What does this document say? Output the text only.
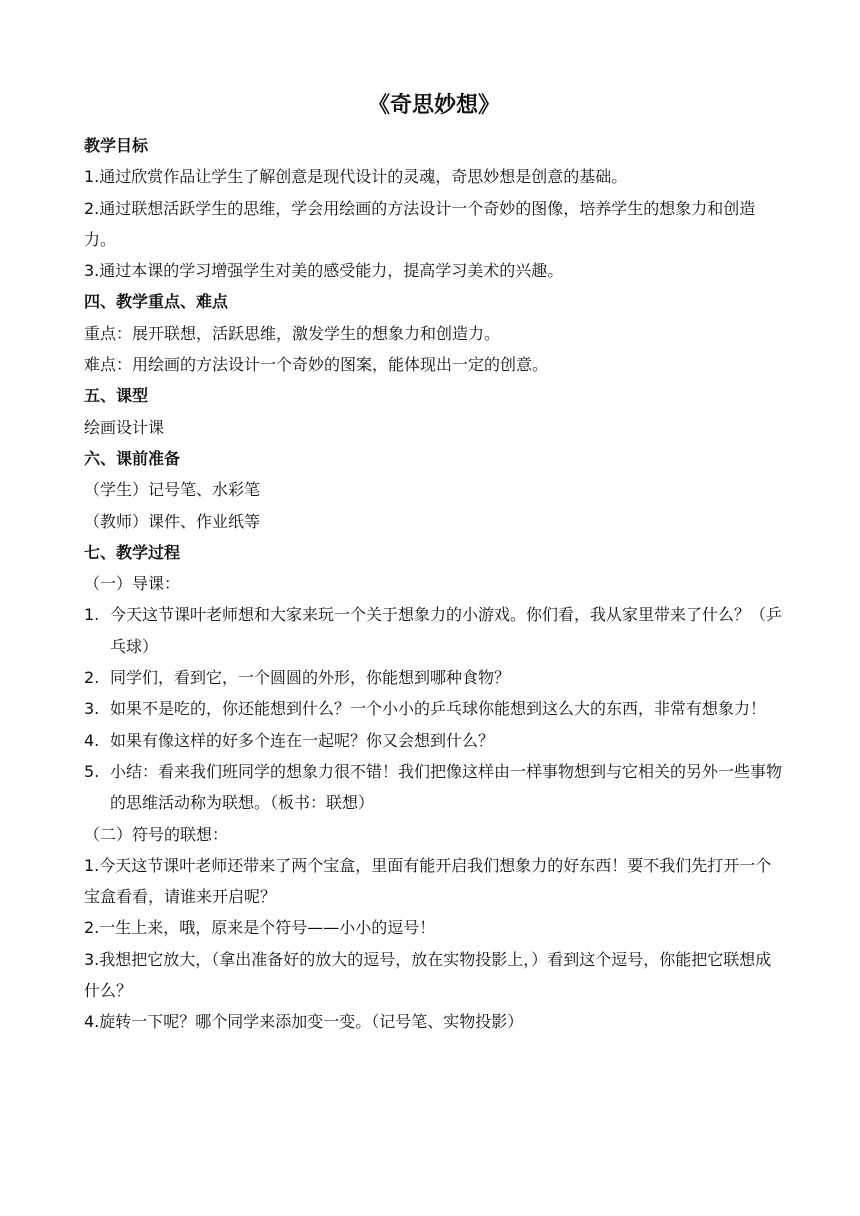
《奇思妙想》
教学目标
1.通过欣赏作品让学生了解创意是现代设计的灵魂，奇思妙想是创意的基础。
2.通过联想活跃学生的思维，学会用绘画的方法设计一个奇妙的图像，培养学生的想象力和创造力。
3.通过本课的学习增强学生对美的感受能力，提高学习美术的兴趣。
四、教学重点、难点
重点：展开联想，活跃思维，激发学生的想象力和创造力。
难点：用绘画的方法设计一个奇妙的图案，能体现出一定的创意。
五、课型
绘画设计课
六、课前准备
（学生）记号笔、水彩笔
（教师）课件、作业纸等
七、教学过程
（一）导课：
1. 今天这节课叶老师想和大家来玩一个关于想象力的小游戏。你们看，我从家里带来了什么？（乒乓球）
2. 同学们，看到它，一个圆圆的外形，你能想到哪种食物？
3. 如果不是吃的，你还能想到什么？一个小小的乒乓球你能想到这么大的东西，非常有想象力！
4. 如果有像这样的好多个连在一起呢？你又会想到什么？
5. 小结：看来我们班同学的想象力很不错！我们把像这样由一样事物想到与它相关的另外一些事物的思维活动称为联想。（板书：联想）
（二）符号的联想：
1.今天这节课叶老师还带来了两个宝盒，里面有能开启我们想象力的好东西！要不我们先打开一个宝盒看看，请谁来开启呢？
2.一生上来，哦，原来是个符号——小小的逗号！
3.我想把它放大，（拿出准备好的放大的逗号，放在实物投影上，）看到这个逗号，你能把它联想成什么？
4.旋转一下呢？哪个同学来添加变一变。（记号笔、实物投影）
